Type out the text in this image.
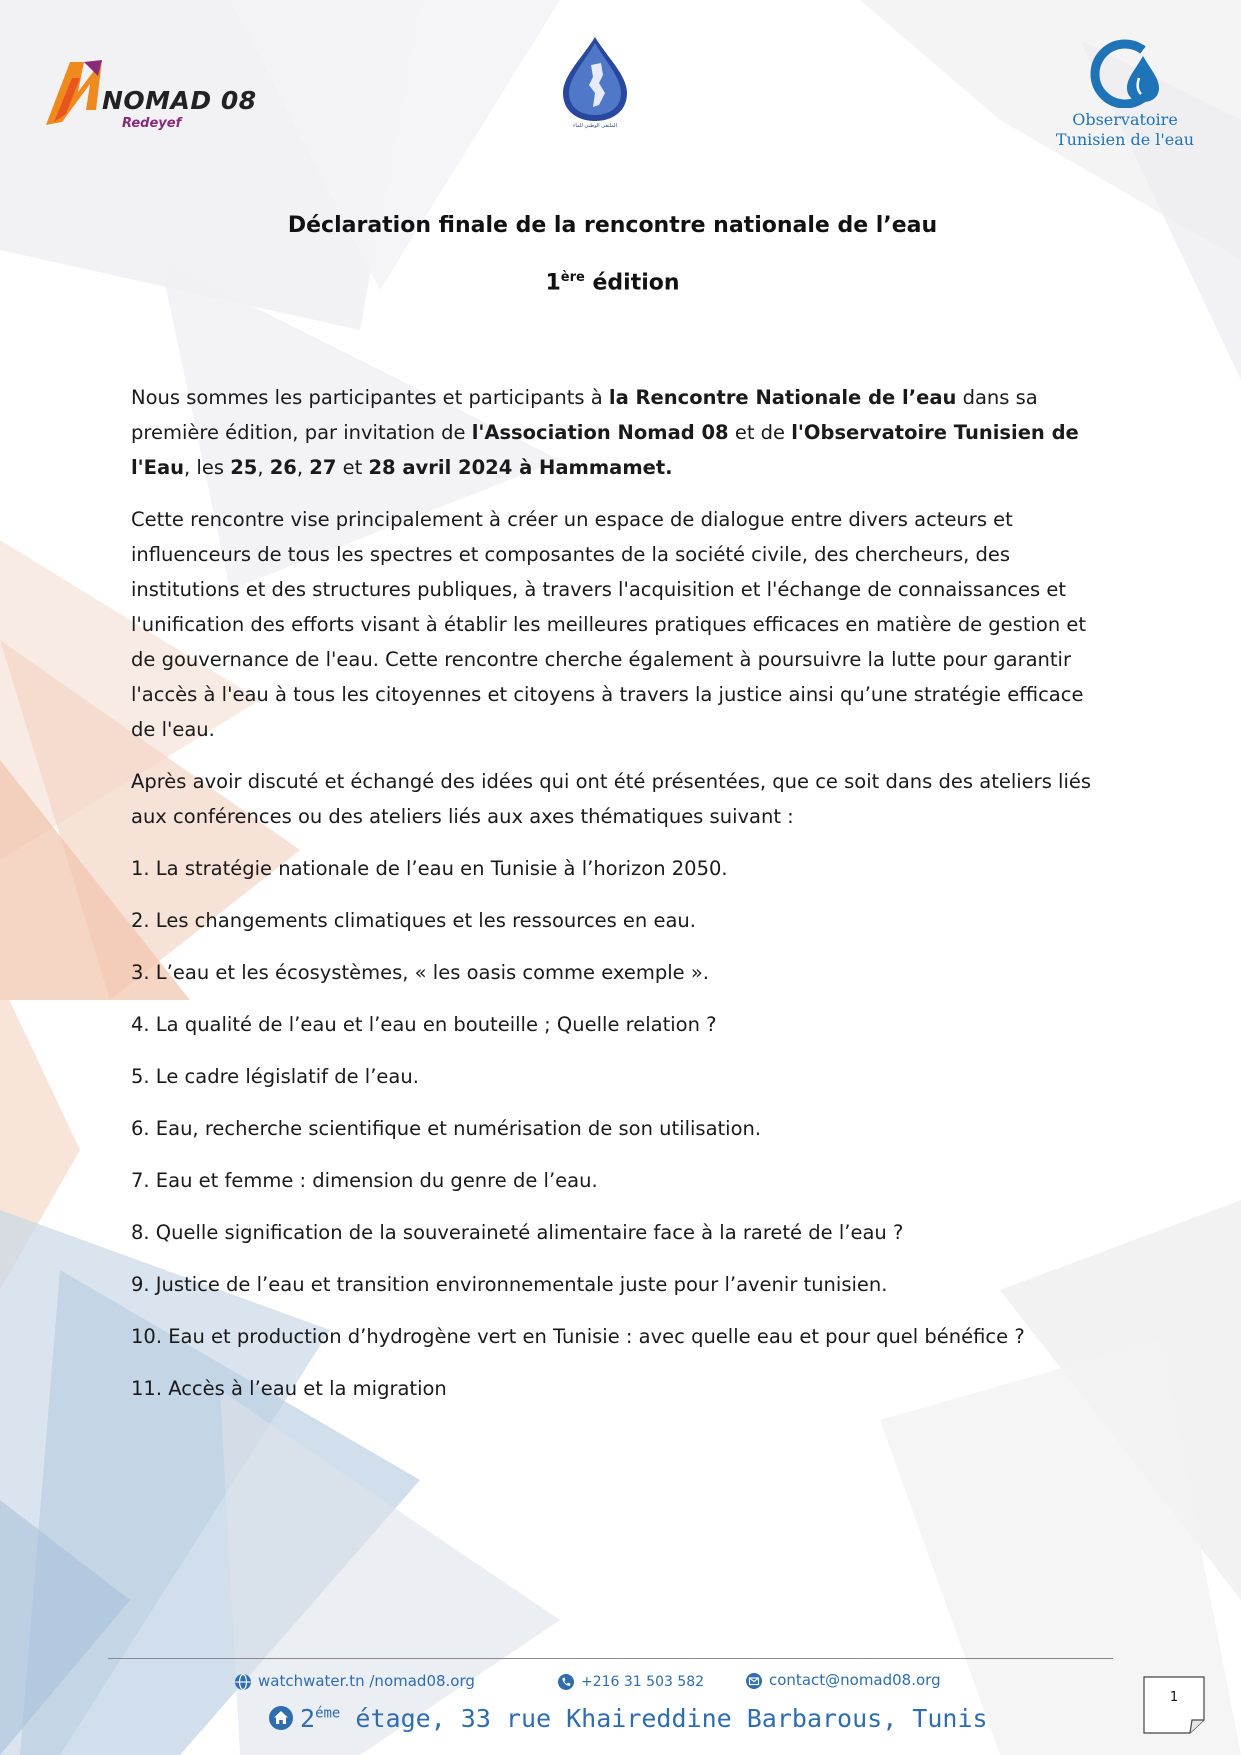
NOMAD 08
Redeyef	الملتقى الوطني للماء	Observatoire
Tunisien de l'eau
Déclaration finale de la rencontre nationale de l’eau
1ère édition

Nous sommes les participantes et participants à la Rencontre Nationale de l’eau dans sa première édition, par invitation de l'Association Nomad 08 et de l'Observatoire Tunisien de l'Eau, les 25, 26, 27 et 28 avril 2024 à Hammamet.

Cette rencontre vise principalement à créer un espace de dialogue entre divers acteurs et influenceurs de tous les spectres et composantes de la société civile, des chercheurs, des institutions et des structures publiques, à travers l'acquisition et l'échange de connaissances et l'unification des efforts visant à établir les meilleures pratiques efficaces en matière de gestion et de gouvernance de l'eau. Cette rencontre cherche également à poursuivre la lutte pour garantir l'accès à l'eau à tous les citoyennes et citoyens à travers la justice ainsi qu’une stratégie efficace de l'eau.

Après avoir discuté et échangé des idées qui ont été présentées, que ce soit dans des ateliers liés aux conférences ou des ateliers liés aux axes thématiques suivant :

1. La stratégie nationale de l’eau en Tunisie à l’horizon 2050.
2. Les changements climatiques et les ressources en eau.
3. L’eau et les écosystèmes, « les oasis comme exemple ».
4. La qualité de l’eau et l’eau en bouteille ; Quelle relation ?
5. Le cadre législatif de l’eau.
6. Eau, recherche scientifique et numérisation de son utilisation.
7. Eau et femme : dimension du genre de l’eau.
8. Quelle signification de la souveraineté alimentaire face à la rareté de l’eau ?
9. Justice de l’eau et transition environnementale juste pour l’avenir tunisien.
10. Eau et production d’hydrogène vert en Tunisie : avec quelle eau et pour quel bénéfice ?
11. Accès à l’eau et la migration
watchwater.tn /nomad08.org	+216 31 503 582	contact@nomad08.org
$2^{éme}$ étage, 33 rue Khaireddine Barbarous, Tunis
1
